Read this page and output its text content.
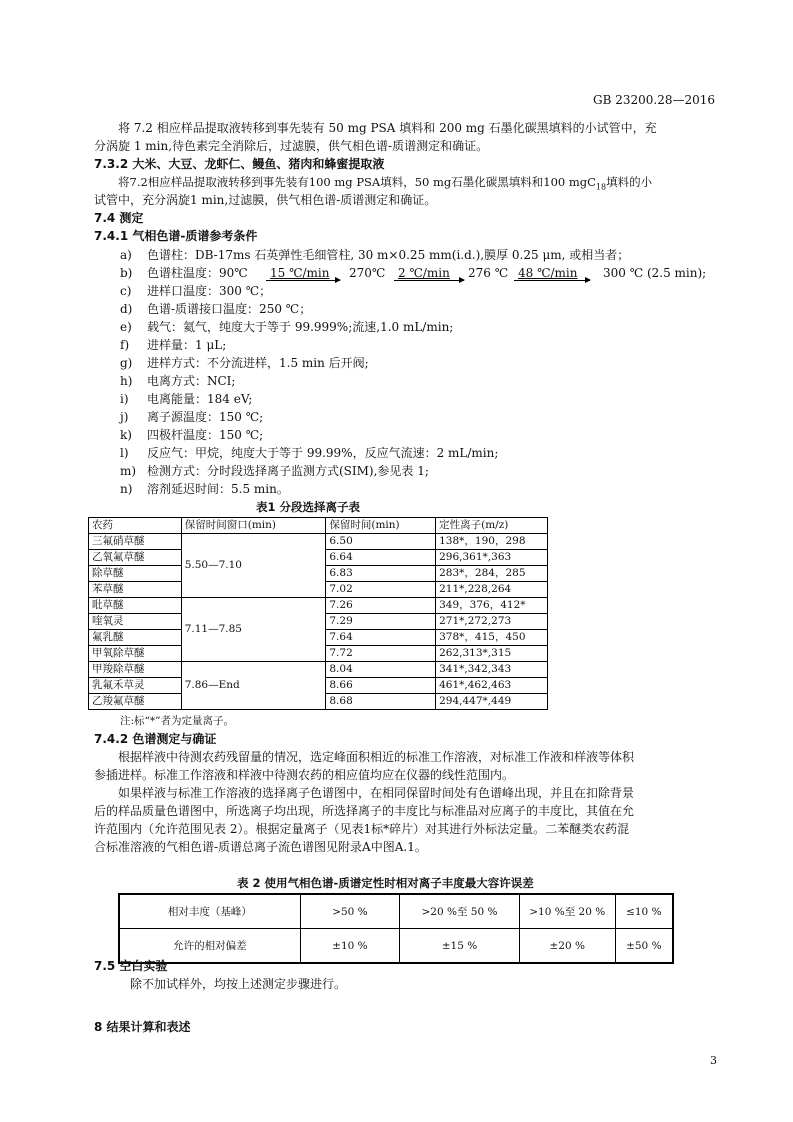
GB 23200.28—2016
将 7.2 相应样品提取液转移到事先装有 50 mg PSA 填料和 200 mg 石墨化碳黑填料的小试管中，充
分涡旋 1 min,待色素完全消除后，过滤膜，供气相色谱-质谱测定和确证。
7.3.2 大米、大豆、龙虾仁、鳗鱼、猪肉和蜂蜜提取液
将7.2相应样品提取液转移到事先装有100 mg PSA填料，50 mg石墨化碳黑填料和100 mgC$_{18}$填料的小
试管中，充分涡旋1 min,过滤膜，供气相色谱-质谱测定和确证。
7.4 测定
7.4.1 气相色谱-质谱参考条件
a) 色谱柱：DB-17ms 石英弹性毛细管柱, 30 m×0.25 mm(i.d.),膜厚 0.25 μm, 或相当者；
b) 色谱柱温度：90℃ 15 ℃/min 270℃ 2 ℃/min 276 ℃ 48 ℃/min 300 ℃ (2.5 min);
c) 进样口温度：300 ℃；
d) 色谱-质谱接口温度：250 ℃；
e) 载气：氦气，纯度大于等于 99.999%;流速,1.0 mL/min;
f) 进样量：1 μL;
g) 进样方式：不分流进样，1.5 min 后开阀;
h) 电离方式：NCI;
i) 电离能量：184 eV;
j) 离子源温度：150 ℃;
k) 四极杆温度：150 ℃;
l) 反应气：甲烷，纯度大于等于 99.99%，反应气流速：2 mL/min;
m) 检测方式：分时段选择离子监测方式(SIM),参见表 1;
n) 溶剂延迟时间：5.5 min。
表1 分段选择离子表
农药	保留时间窗口(min)	保留时间(min)	定性离子(m/z)
三氟硝草醚	5.50—7.10	6.50	138*，190，298
乙氧氟草醚		6.64	296,361*,363
除草醚		6.83	283*，284，285
苯草醚		7.02	211*,228,264
吡草醚	7.11—7.85	7.26	349，376，412*
喹氧灵		7.29	271*,272,273
氟乳醚		7.64	378*，415，450
甲氧除草醚		7.72	262,313*,315
甲羧除草醚	7.86—End	8.04	341*,342,343
乳氟禾草灵		8.66	461*,462,463
乙羧氟草醚		8.68	294,447*,449
注:标“*”者为定量离子。
7.4.2 色谱测定与确证
根据样液中待测农药残留量的情况，选定峰面积相近的标准工作溶液，对标准工作液和样液等体积
参插进样。标准工作溶液和样液中待测农药的相应值均应在仪器的线性范围内。
如果样液与标准工作溶液的选择离子色谱图中，在相同保留时间处有色谱峰出现，并且在扣除背景
后的样品质量色谱图中，所选离子均出现，所选择离子的丰度比与标准品对应离子的丰度比，其值在允
许范围内（允许范围见表 2）。根据定量离子（见表1标*碎片）对其进行外标法定量。二苯醚类农药混
合标准溶液的气相色谱-质谱总离子流色谱图见附录A中图A.1。
表 2 使用气相色谱-质谱定性时相对离子丰度最大容许误差
相对丰度（基峰）	>50 %	>20 %至 50 %	>10 %至 20 %	≤10 %
允许的相对偏差	±10 %	±15 %	±20 %	±50 %
7.5 空白实验
除不加试样外，均按上述测定步骤进行。
8 结果计算和表述
3
